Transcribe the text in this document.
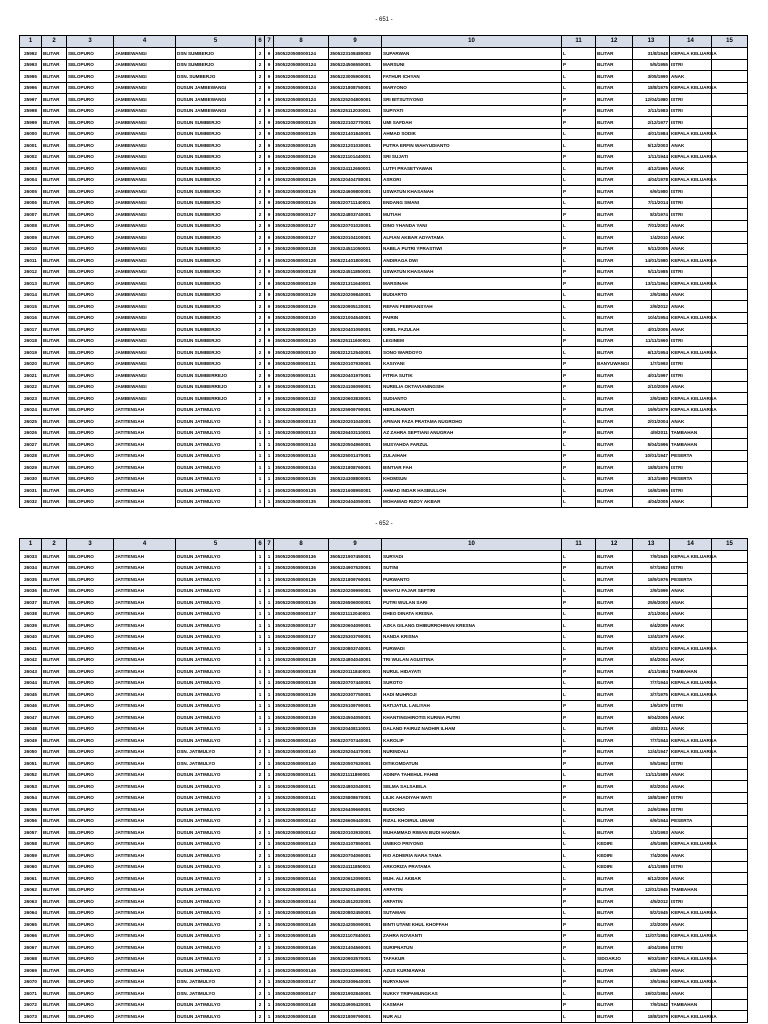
- 651 -
1	2	3	4	5	6	7	8	9	10	11	12	13	14	15
25992	BLITAR	SELOPURO	JAMBEWANGI	DSN SUMBERJO	2	9	3505220508000124	3505223108480002	SUPARWAN	L	BLITAR	31/8/1948	KEPALA KELUARGA	
25993	BLITAR	SELOPURO	JAMBEWANGI	DSN SUMBERJO	2	9	3505220508000124	3505224506550001	MARSUNI	P	BLITAR	5/5/1955	ISTRI	
25995	BLITAR	SELOPURO	JAMBEWANGI	DSN. SUMBERJO	2	9	3505220508000124	3505223005900001	FATHUR ICHYAN	L	BLITAR	3/05/1990	ANAK	
25996	BLITAR	SELOPURO	JAMBEWANGI	DUSUN JAMBEWANGI	2	9	3505220508000124	3505221808750001	MARYONO	L	BLITAR	18/8/1975	KEPALA KELUARGA	
25997	BLITAR	SELOPURO	JAMBEWANGI	DUSUN JAMBEWANGI	2	9	3505220508000124	3505225204800001	SRI BITSUTIYONO	P	BLITAR	12/04/1980	ISTRI	
25998	BLITAR	SELOPURO	JAMBEWANGI	DUSUN JAMBEWANGI	2	9	3505220508000124	3505225112030001	SUPIYATI	P	BLITAR	2/11/1983	ISTRI	
25999	BLITAR	SELOPURO	JAMBEWANGI	DUSUN SUMBERJO	2	9	3505220508000125	3505222102770001	UMI SAFDAH	P	BLITAR	2/12/1977	ISTRI	
26000	BLITAR	SELOPURO	JAMBEWANGI	DUSUN SUMBERJO	2	9	3505220508000125	3505221401840001	AHMAD SODIK	L	BLITAR	4/01/1984	KEPALA KELUARGA	
26001	BLITAR	SELOPURO	JAMBEWANGI	DUSUN SUMBERJO	2	9	3505220508000125	3505221201030001	PUTRA ERFIN WAHYUDIANTO	L	BLITAR	5/12/2003	ANAK	
26002	BLITAR	SELOPURO	JAMBEWANGI	DUSUN SUMBERJO	2	9	3505220508000126	3505221101440001	SRI SUJATI	P	BLITAR	1/11/1944	KEPALA KELUARGA	
26003	BLITAR	SELOPURO	JAMBEWANGI	DUSUN SUMBERJO	2	9	3505220508000126	3505224112650001	LUTFI PRASETYAWAN	L	BLITAR	4/12/1965	ANAK	
26004	BLITAR	SELOPURO	JAMBEWANGI	DUSUN SUMBERJO	2	9	3505220508000126	3505220404780001	ASRORI	L	BLITAR	4/04/1978	KEPALA KELUARGA	
26005	BLITAR	SELOPURO	JAMBEWANGI	DUSUN SUMBERJO	2	9	3505220508000126	3505224609800001	USWATUN KHASANAH	P	BLITAR	6/9/1980	ISTRI	
26006	BLITAR	SELOPURO	JAMBEWANGI	DUSUN SUMBERJO	2	9	3505220508000126	3505220711140001	ENDANG SMANI	L	BLITAR	7/11/2014	ISTRI	
26007	BLITAR	SELOPURO	JAMBEWANGI	DUSUN SUMBERJO	2	9	3505220508000127	3505224803740001	MUTIAH	P	BLITAR	8/3/1974	ISTRI	
26008	BLITAR	SELOPURO	JAMBEWANGI	DUSUN SUMBERJO	2	9	3505220508000127	3505220701020001	DINO YHANDA YANI	L	BLITAR	7/01/2002	ANAK	
26009	BLITAR	SELOPURO	JAMBEWANGI	DUSUN SUMBERJO	2	9	3505220508000127	3505220104100001	ALFIAN AKBAR ADYATAMA	L	BLITAR	1/4/2010	ANAK	
26010	BLITAR	SELOPURO	JAMBEWANGI	DUSUN SUMBERJO	2	9	3505220508000128	3505224511050001	NABILA PUTRI YPRASTIWI	P	BLITAR	5/11/2005	ANAK	
26011	BLITAR	SELOPURO	JAMBEWANGI	DUSUN SUMBERJO	2	9	3505220508000128	3505221401800001	ANDIRAGA DWI	L	BLITAR	14/01/1980	KEPALA KELUARGA	
26012	BLITAR	SELOPURO	JAMBEWANGI	DUSUN SUMBERJO	2	9	3505220508000128	3505224511850001	USWATUN KHASANAH	P	BLITAR	5/11/1985	ISTRI	
26013	BLITAR	SELOPURO	JAMBEWANGI	DUSUN SUMBERJO	2	9	3505220508000129	3505221311640001	MARSINAH	P	BLITAR	13/11/1964	KEPALA KELUARGA	
26014	BLITAR	SELOPURO	JAMBEWANGI	DUSUN SUMBERJO	2	9	3505220508000129	3505220209840001	BUDIARTO	L	BLITAR	2/9/1984	ANAK	
26015	BLITAR	SELOPURO	JAMBEWANGI	DUSUN SUMBERJO	2	9	3505220508000129	3505220905120001	REFAN FEBRIANSYAH	L	BLITAR	2/9/2012	ANAK	
26016	BLITAR	SELOPURO	JAMBEWANGI	DUSUN SUMBERJO	2	9	3505220508000130	3505221004540001	PAIRIN	L	BLITAR	10/4/1954	KEPALA KELUARGA	
26017	BLITAR	SELOPURO	JAMBEWANGI	DUSUN SUMBERJO	2	9	3505220508000130	3505220401050001	KIREL FAZULAH	L	BLITAR	4/01/2005	ANAK	
26018	BLITAR	SELOPURO	JAMBEWANGI	DUSUN SUMBERJO	2	9	3505220508000130	3505225111600001	LEGINEM	P	BLITAR	11/11/1960	ISTRI	
26019	BLITAR	SELOPURO	JAMBEWANGI	DUSUN SUMBERJO	2	9	3505220508000130	3505221212540001	SONO WARDOYO	L	BLITAR	6/12/1954	KEPALA KELUARGA	
26020	BLITAR	SELOPURO	JAMBEWANGI	DUSUN SUMBERJO	2	9	3505220508000131	3505220107930001	KASIYANI	P	BANYUWANGI	1/7/1993	ISTRI	
26021	BLITAR	SELOPURO	JAMBEWANGI	DUSUN SUMBERREJO	2	9	3505220508000131	3505220401970001	FITRIA SUTIK	P	BLITAR	4/01/1997	ISTRI	
26022	BLITAR	SELOPURO	JAMBEWANGI	DUSUN SUMBERREJO	2	9	3505220508000131	3505224106090001	NURELIA OKTAVIANINGSIH	P	BLITAR	2/10/2009	ANAK	
26023	BLITAR	SELOPURO	JAMBEWANGI	DUSUN SUMBERREJO	2	9	3505220508000132	3505220603830001	SUDIANTO	L	BLITAR	2/9/1983	KEPALA KELUARGA	
26024	BLITAR	SELOPURO	JATITENGAH	DUSUN JATIMULYO	1	1	3505220508000133	3505225909790001	HERLINAWATI	P	BLITAR	19/9/1979	KEPALA KELUARGA	
26025	BLITAR	SELOPURO	JATITENGAH	DUSUN JATIMULYO	1	1	3505220508000133	3505220201040001	AFINAN FAZA PRATAMA NUGROHO	L	BLITAR	2/01/2004	ANAK	
26026	BLITAR	SELOPURO	JATITENGAH	DUSUN JATIMULYO	1	1	3505220508000133	3505226403110001	AZ ZAHRA SEPTIANI ANUGRAH	P	BLITAR	4/9/2011	TAMBAHAN	
26027	BLITAR	SELOPURO	JATITENGAH	DUSUN JATIMULYO	1	1	3505220508000134	3505220504960001	MUSYAHDA FARZUL	L	BLITAR	5/04/1996	TAMBAHAN	
26028	BLITAR	SELOPURO	JATITENGAH	DUSUN JATIMULYO	1	1	3505220508000134	3505225001470001	ZULAIHAH	P	BLITAR	10/01/1947	PESERTA	
26029	BLITAR	SELOPURO	JATITENGAH	DUSUN JATIMULYO	1	1	3505220508000134	3505221808760001	BINTIAR FAH	P	BLITAR	18/8/1976	ISTRI	
26030	BLITAR	SELOPURO	JATITENGAH	DUSUN JATIMULYO	1	1	3505220508000135	3505224308800001	KHOMSUN	L	BLITAR	3/12/1980	PESERTA	
26031	BLITAR	SELOPURO	JATITENGAH	DUSUN JATIMULYO	1	1	3505220508000135	3505221608950001	AHMAD INDAR HASBULLOH	L	BLITAR	16/8/1995	ISTRI	
26032	BLITAR	SELOPURO	JATITENGAH	DUSUN JATIMULYO	1	1	3505220508000135	3505220404050001	MOHAMAD RIZOY AKBAR	L	BLITAR	4/04/2005	ANAK	
- 652 -
1	2	3	4	5	6	7	8	9	10	11	12	13	14	15
26033	BLITAR	SELOPURO	JATITENGAH	DUSUN JATIMULYO	1	1	3505220508000136	3505221907450001	SURYADI	L	BLITAR	7/9/1945	KEPALA KELUARGA	
26034	BLITAR	SELOPURO	JATITENGAH	DUSUN JATIMULYO	1	1	3505220508000136	3505224907520001	SUTINI	P	BLITAR	9/7/1952	ISTRI	
26035	BLITAR	SELOPURO	JATITENGAH	DUSUN JATIMULYO	1	1	3505220508000136	3505221809760001	PURWANTO	L	BLITAR	18/9/1976	PESERTA	
26036	BLITAR	SELOPURO	JATITENGAH	DUSUN JATIMULYO	1	1	3505220508000136	3505220209990001	WAHYU FAJAR SEFTIRI	L	BLITAR	2/9/1999	ANAK	
26037	BLITAR	SELOPURO	JATITENGAH	DUSUN JATIMULYO	1	1	3505220508000136	3505226506000001	PUTRI WULAN SARI	P	BLITAR	25/6/2000	ANAK	
26038	BLITAR	SELOPURO	JATITENGAH	DUSUN JATIMULYO	1	1	3505220508000137	3505221112040001	DHEO DINATA KRISNA	L	BLITAR	2/11/2004	ANAK	
26039	BLITAR	SELOPURO	JATITENGAH	DUSUN JATIMULYO	1	1	3505220508000137	3505220604090001	AZKA GILANG DHIBURROHMAN KRESNA	L	BLITAR	6/4/2009	ANAK	
26040	BLITAR	SELOPURO	JATITENGAH	DUSUN JATIMULYO	1	1	3505220508000137	3505225303790001	NANDA KRISNA	L	BLITAR	13/4/1979	ANAK	
26041	BLITAR	SELOPURO	JATITENGAH	DUSUN JATIMULYO	1	1	3505220508000137	3505220803740001	PURWADI	L	BLITAR	8/3/1974	KEPALA KELUARGA	
26042	BLITAR	SELOPURO	JATITENGAH	DUSUN JATIMULYO	1	1	3505220508000138	3505224804040001	TRI WULAN AGUSTINA	P	BLITAR	8/4/2004	ANAK	
26043	BLITAR	SELOPURO	JATITENGAH	DUSUN JATIMULYO	1	1	3505220508000138	3505220111840001	NURUL HIDAYATI	P	BLITAR	4/11/1984	TAMBAHAN	
26044	BLITAR	SELOPURO	JATITENGAH	DUSUN JATIMULYO	1	1	3505220508000138	3505220707440001	SUROTO	L	BLITAR	7/7/1944	KEPALA KELUARGA	
26045	BLITAR	SELOPURO	JATITENGAH	DUSUN JATIMULYO	1	1	3505220508000139	3505220307750001	HADI MUHROJI	L	BLITAR	3/7/1975	KEPALA KELUARGA	
26046	BLITAR	SELOPURO	JATITENGAH	DUSUN JATIMULYO	1	1	3505220508000139	3505225109790001	NATIJATUL LAILIYAH	P	BLITAR	1/9/1979	ISTRI	
26047	BLITAR	SELOPURO	JATITENGAH	DUSUN JATIMULYO	1	1	3505220508000139	3505224504050001	KHANTINGHIROTIS KURNIA PUTRI	P	BLITAR	5/04/2005	ANAK	
26048	BLITAR	SELOPURO	JATITENGAH	DUSUN JATIMULYO	1	1	3505220508000139	3505220408110001	DALAND FAIRUZ NADHIR ILHAM	L	BLITAR	4/8/2011	ANAK	
26049	BLITAR	SELOPURO	JATITENGAH	DUSUN JATIMULYO	1	1	3505220508000140	3505220707440001	KAROLIP	L	BLITAR	7/7/1944	KEPALA KELUARGA	
26050	BLITAR	SELOPURO	JATITENGAH	DSN. JATIMULYO	2	1	3505220508000140	3505225204470001	NURINDALI	P	BLITAR	12/4/1947	KEPALA KELUARGA	
26051	BLITAR	SELOPURO	JATITENGAH	DSN. JATIMULYO	2	1	3505220508000140	3505220507620001	DITIKOMDATUN	P	BLITAR	5/5/1962	ISTRI	
26052	BLITAR	SELOPURO	JATITENGAH	DUSUN JATIMULYO	2	1	3505220508000141	3505221111890001	ADINFA TAHEHUL FAHMI	L	BLITAR	11/11/1989	ANAK	
26053	BLITAR	SELOPURO	JATITENGAH	DUSUN JATIMULYO	2	1	3505220508000141	3505224802040001	SELMA SALSABILA	P	BLITAR	8/2/2004	ANAK	
26054	BLITAR	SELOPURO	JATITENGAH	DUSUN JATIMULYO	2	1	3505220508000141	3505225808670001	LILIK AHADIYAH WATI	P	BLITAR	18/8/1967	ISTRI	
26055	BLITAR	SELOPURO	JATITENGAH	DUSUN JATIMULYO	2	1	3505220508000142	3505226409660001	BUDIONO	L	BLITAR	24/9/1966	ISTRI	
26056	BLITAR	SELOPURO	JATITENGAH	DUSUN JATIMULYO	2	1	3505220508000142	3505226609440001	RIZAL KHOIRUL UMAM	L	BLITAR	6/9/1944	PESERTA	
26057	BLITAR	SELOPURO	JATITENGAH	DUSUN JATIMULYO	2	1	3505220508000142	3505220103930001	MUHAMMAD RIWAN BUDI HAKIMA	L	BLITAR	1/3/1993	ANAK	
26058	BLITAR	SELOPURO	JATITENGAH	DUSUN JATIMULYO	2	1	3505220508000143	3505224107850001	UNIEKO PRIYONO	L	KEDIRI	4/5/1985	KEPALA KELUARGA	
26059	BLITAR	SELOPURO	JATITENGAH	DUSUN JATIMULYO	2	1	3505220508000143	3505220704060001	RIO ADHERIA NARA TAMA	L	KEDIRI	7/4/2006	ANAK	
26060	BLITAR	SELOPURO	JATITENGAH	DUSUN JATIMULYO	2	1	3505220508000143	3505224111850001	ARKORIZA PRATAMA	L	KEDIRI	4/11/1985	ISTRI	
26061	BLITAR	SELOPURO	JATITENGAH	DUSUN JATIMULYO	2	1	3505220508000144	3505220612090001	MUH. ALI AKBAR	L	BLITAR	6/12/2009	ANAK	
26062	BLITAR	SELOPURO	JATITENGAH	DUSUN JATIMULYO	2	1	3505220508000144	3505225201450001	ARFATIN	P	BLITAR	12/01/1945	TAMBAHAN	
26063	BLITAR	SELOPURO	JATITENGAH	DUSUN JATIMULYO	2	1	3505220508000144	3505224512020001	ARFATIN	P	BLITAR	4/5/2012	ISTRI	
26064	BLITAR	SELOPURO	JATITENGAH	DUSUN JATIMULYO	2	1	3505220508000145	3505220802450001	SUTAMAN	L	BLITAR	8/2/1945	KEPALA KELUARGA	
26065	BLITAR	SELOPURO	JATITENGAH	DUSUN JATIMULYO	2	1	3505220508000145	3505224205090001	BINTI UTAMI KHUL KHOFFAH	P	BLITAR	2/2/2009	ANAK	
26066	BLITAR	SELOPURO	JATITENGAH	DUSUN JATIMULYO	2	1	3505220508000145	3505221107840001	ZAHRA NOVIANTI	P	BLITAR	11/07/1984	KEPALA KELUARGA	
26067	BLITAR	SELOPURO	JATITENGAH	DUSUN JATIMULYO	2	1	3505220508000146	3505221404560001	SURIPNATUN	P	BLITAR	4/04/1956	ISTRI	
26068	BLITAR	SELOPURO	JATITENGAH	DUSUN JATIMULYO	2	1	3505220508000146	3505220903570001	TAFAKUR	L	SIDOARJO	9/03/1957	KEPALA KELUARGA	
26069	BLITAR	SELOPURO	JATITENGAH	DUSUN JATIMULYO	2	1	3505220508000146	3505220102990001	AZUS KURNIAWAN	L	BLITAR	2/5/1999	ANAK	
26070	BLITAR	SELOPURO	JATITENGAH	DSN. JATIMULYO	2	1	3505220508000147	3505220309640001	NURYANAH	P	BLITAR	3/9/1964	KEPALA KELUARGA	
26071	BLITAR	SELOPURO	JATITENGAH	DSN. JATIMULYO	2	1	3505220508000147	3505221902840001	NUKKY TRIPAMUNGKAS	L	BLITAR	19/02/1984	ANAK	
26072	BLITAR	SELOPURO	JATITENGAH	DUSUN JATIMULYO	2	1	3505220508000148	3505224909420001	KASMAH	P	BLITAR	7/9/1942	TAMBAHAN	
26073	BLITAR	SELOPURO	JATITENGAH	DUSUN JATIMULYO	2	1	3505220508000148	3505221809790001	NUR ALI	L	BLITAR	18/8/1979	KEPALA KELUARGA	
